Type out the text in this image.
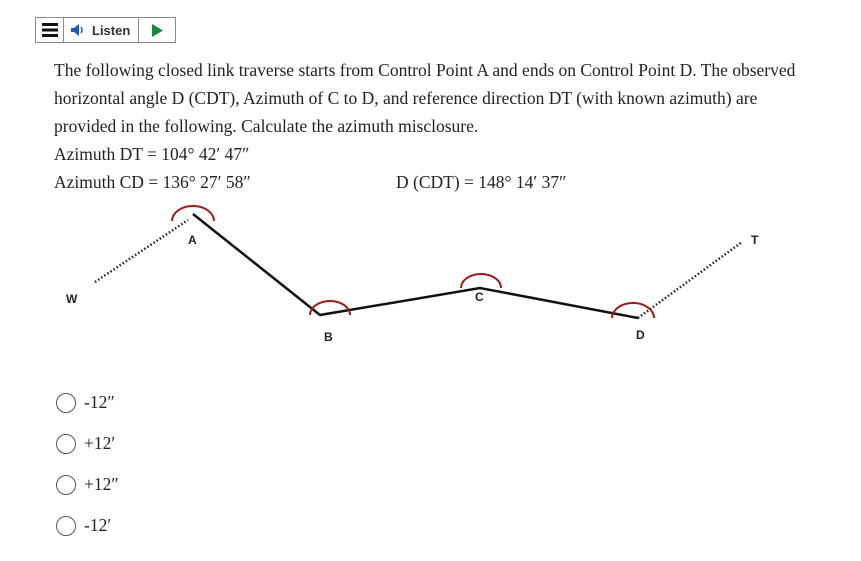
Listen

The following closed link traverse starts from Control Point A and ends on Control Point D. The observed horizontal angle D (CDT), Azimuth of C to D, and reference direction DT (with known azimuth) are provided in the following. Calculate the azimuth misclosure.

Azimuth DT = 104° 42′ 47″
Azimuth CD = 136° 27′ 58″	D (CDT) = 148° 14′ 37″
W
A
B
C
D
T
-12″
+12′
+12″
-12′
